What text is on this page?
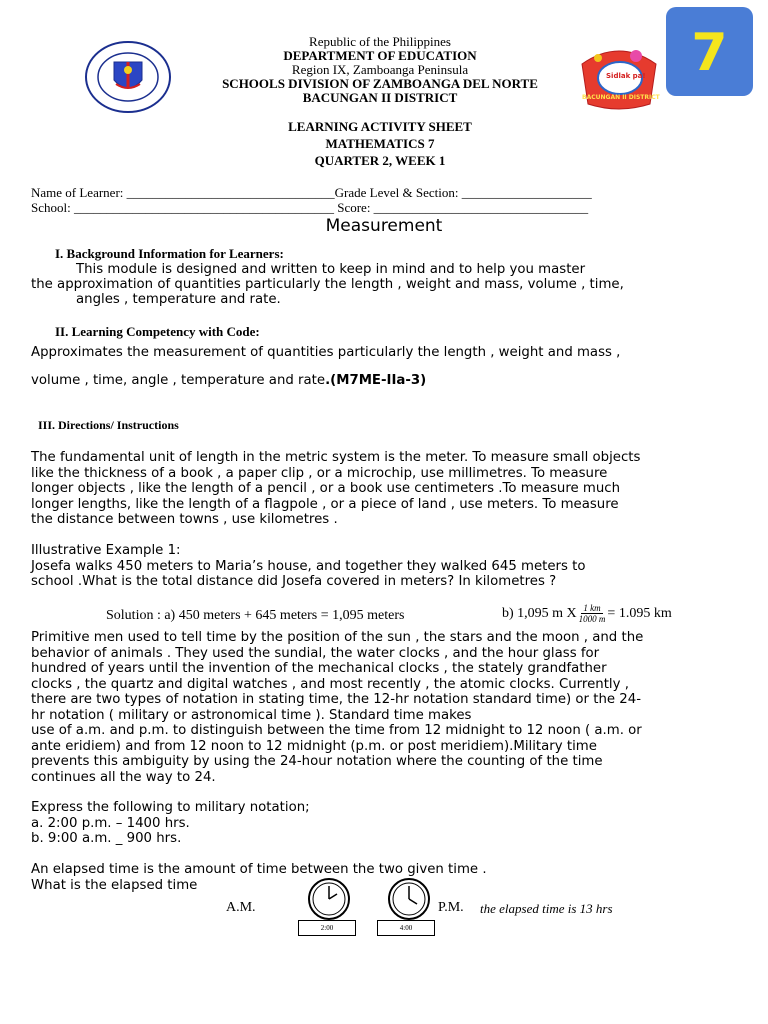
Republic of the Philippines
DEPARTMENT OF EDUCATION
Region IX, Zamboanga Peninsula
SCHOOLS DIVISION OF ZAMBOANGA DEL NORTE
BACUNGAN II DISTRICT
Sidlak pa!
BACUNGAN II DISTRICT
7
LEARNING ACTIVITY SHEET
MATHEMATICS 7
QUARTER 2, WEEK 1
Name of Learner: ________________________________Grade Level & Section: ____________________
School: ________________________________________ Score: _________________________________
Measurement
I. Background Information for Learners:
This module is designed and written to keep in mind and to help you master
the approximation of quantities particularly the length , weight and mass, volume , time,
angles , temperature and rate.
II. Learning Competency with Code:
Approximates the measurement of quantities particularly the length , weight and mass ,
volume , time, angle , temperature and rate.(M7ME-IIa-3)
III. Directions/ Instructions
The fundamental unit of length in the metric system is the meter. To measure small objects
like the thickness of a book , a paper clip , or a microchip, use millimetres. To measure
longer objects , like the length of a pencil , or a book use centimeters .To measure much
longer lengths, like the length of a flagpole , or a piece of land , use meters. To measure
the distance between towns , use kilometres .
Illustrative Example 1:
Josefa walks 450 meters to Maria’s house, and together they walked 645 meters to
school .What is the total distance did Josefa covered in meters? In kilometres ?
Solution : a) 450 meters + 645 meters = 1,095 meters	b) 1,095 m X $\frac{1 km}{1000 m} = 1.095$ km
Primitive men used to tell time by the position of the sun , the stars and the moon , and the
behavior of animals . They used the sundial, the water clocks , and the hour glass for
hundred of years until the invention of the mechanical clocks , the stately grandfather
clocks , the quartz and digital watches , and most recently , the atomic clocks. Currently ,
there are two types of notation in stating time, the 12-hr notation standard time) or the 24-
hr notation ( military or astronomical time ). Standard time makes
use of a.m. and p.m. to distinguish between the time from 12 midnight to 12 noon ( a.m. or
ante eridiem) and from 12 noon to 12 midnight (p.m. or post meridiem).Military time
prevents this ambiguity by using the 24-hour notation where the counting of the time
continues all the way to 24.
Express the following to military notation;
a. 2:00 p.m. – 1400 hrs.
b. 9:00 a.m. _ 900 hrs.
An elapsed time is the amount of time between the two given time .
What is the elapsed time
A.M.
2:00	4:00
P.M. the elapsed time is 13 hrs
